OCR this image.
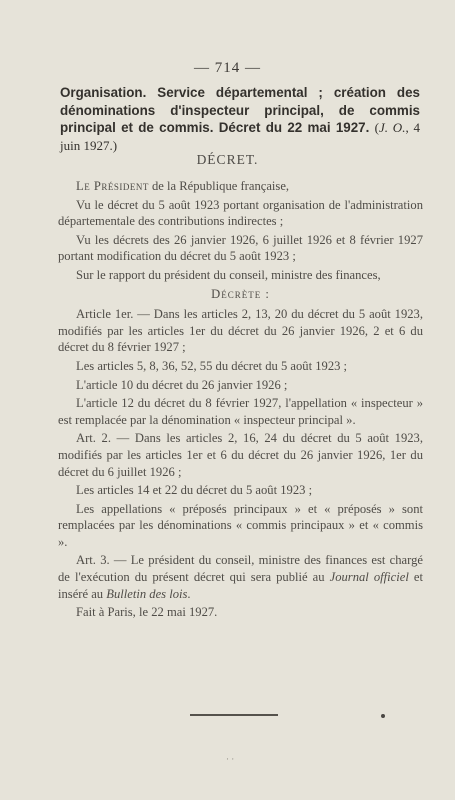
— 714 —
Organisation. Service départemental ; création des dénominations d'inspecteur principal, de commis principal et de commis. Décret du 22 mai 1927. (J. O., 4 juin 1927.)
DÉCRET.

Le Président de la République française,

Vu le décret du 5 août 1923 portant organisation de l'administration départementale des contributions indirectes ;

Vu les décrets des 26 janvier 1926, 6 juillet 1926 et 8 février 1927 portant modification du décret du 5 août 1923 ;

Sur le rapport du président du conseil, ministre des finances,

Décrète :

Article 1er. — Dans les articles 2, 13, 20 du décret du 5 août 1923, modifiés par les articles 1er du décret du 26 janvier 1926, 2 et 6 du décret du 8 février 1927 ;

Les articles 5, 8, 36, 52, 55 du décret du 5 août 1923 ;

L'article 10 du décret du 26 janvier 1926 ;

L'article 12 du décret du 8 février 1927, l'appellation « inspecteur » est remplacée par la dénomination « inspecteur principal ».

Art. 2. — Dans les articles 2, 16, 24 du décret du 5 août 1923, modifiés par les articles 1er et 6 du décret du 26 janvier 1926, 1er du décret du 6 juillet 1926 ;

Les articles 14 et 22 du décret du 5 août 1923 ;

Les appellations « préposés principaux » et « préposés » sont remplacées par les dénominations « commis principaux » et « commis ».

Art. 3. — Le président du conseil, ministre des finances est chargé de l'exécution du présent décret qui sera publié au Journal officiel et inséré au Bulletin des lois.

Fait à Paris, le 22 mai 1927.

· ·
